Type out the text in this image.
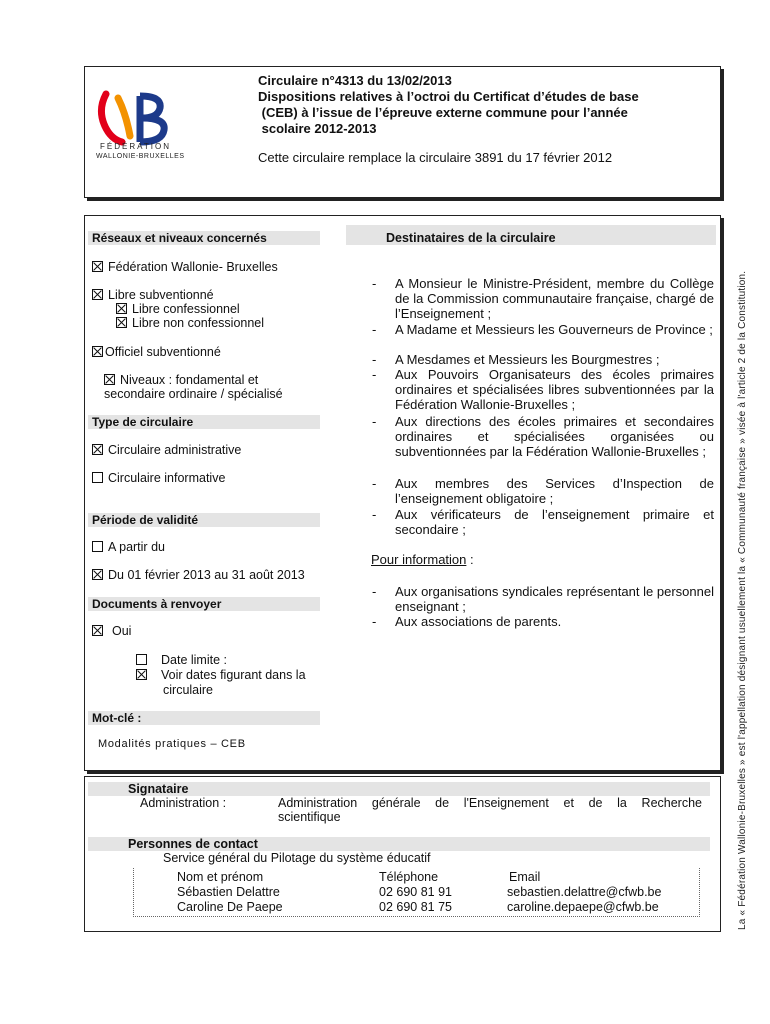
FÉDÉRATION
WALLONIE-BRUXELLES
Circulaire n°4313 du 13/02/2013
Dispositions relatives à l’octroi du Certificat d’études de base
(CEB) à l’issue de l’épreuve externe commune pour l’année
scolaire 2012-2013
Cette circulaire remplace la circulaire 3891 du 17 février 2012
Réseaux et niveaux concernés
Fédération Wallonie- Bruxelles
Libre subventionné
Libre confessionnel
Libre non confessionnel
Officiel subventionné
Niveaux : fondamental et
secondaire ordinaire / spécialisé
Type de circulaire
Circulaire administrative
Circulaire informative
Période de validité
A partir du
Du 01 février 2013 au 31 août 2013
Documents à renvoyer
Oui
Date limite :
Voir dates figurant dans la
circulaire
Mot-clé :
Modalités pratiques – CEB
Destinataires de la circulaire
- A Monsieur le Ministre-Président, membre du Collège de la Commission communautaire française, chargé de l’Enseignement ;
- A Madame et Messieurs les Gouverneurs de Province ;
- A Mesdames et Messieurs les Bourgmestres ;
- Aux Pouvoirs Organisateurs des écoles primaires ordinaires et spécialisées libres subventionnées par la Fédération Wallonie-Bruxelles ;
- Aux directions des écoles primaires et secondaires ordinaires et spécialisées organisées ou subventionnées par la Fédération Wallonie-Bruxelles ;
- Aux membres des Services d’Inspection de l’enseignement obligatoire ;
- Aux vérificateurs de l’enseignement primaire et secondaire ;
Pour information :
- Aux organisations syndicales représentant le personnel enseignant ;
- Aux associations de parents.
Signataire
Administration :	Administration générale de l'Enseignement et de la Recherche
scientifique
Personnes de contact
Service général du Pilotage du système éducatif
Nom et prénom	Téléphone	Email
Sébastien Delattre	02 690 81 91	sebastien.delattre@cfwb.be
Caroline De Paepe	02 690 81 75	caroline.depaepe@cfwb.be	La « Fédération Wallonie-Bruxelles » est l'appellation désignant usuellement la « Communauté française » visée à l'article 2 de la Constitution.
